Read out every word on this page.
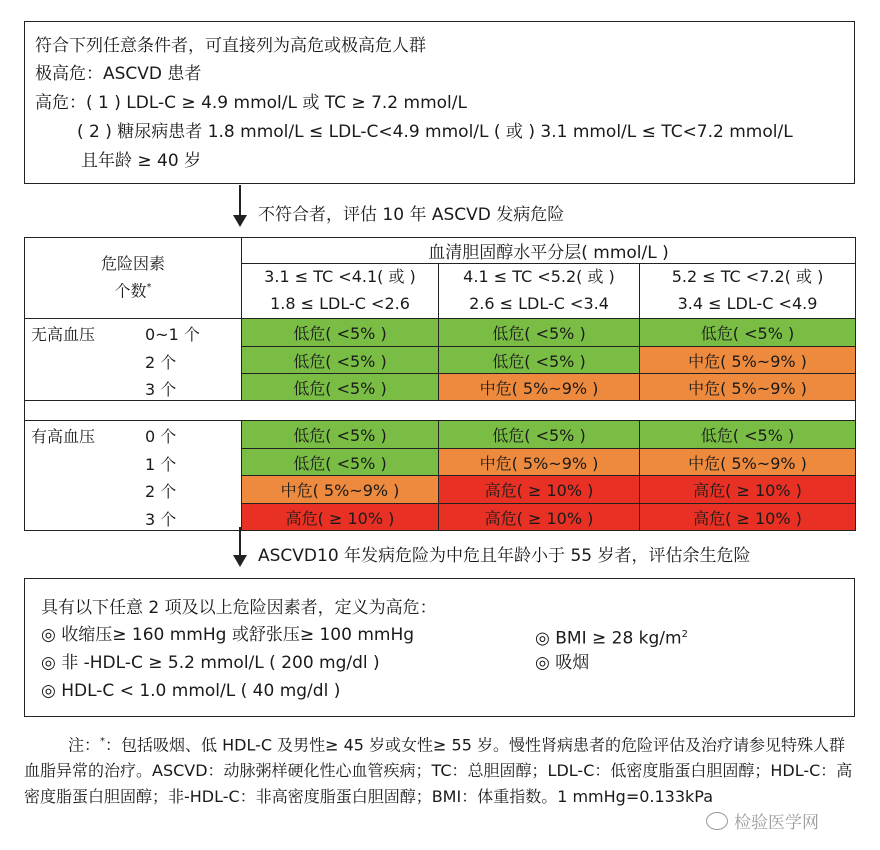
符合下列任意条件者，可直接列为高危或极高危人群
极高危：ASCVD 患者
高危：( 1 ) LDL-C ≥ 4.9 mmol/L 或 TC ≥ 7.2 mmol/L
( 2 ) 糖尿病患者 1.8 mmol/L ≤ LDL-C<4.9 mmol/L ( 或 ) 3.1 mmol/L ≤ TC<7.2 mmol/L
且年龄 ≥ 40 岁
不符合者，评估 10 年 ASCVD 发病危险
危险因素
个数*	血清胆固醇水平分层( mmol/L )		
	3.1 ≤ TC <4.1( 或 )	4.1 ≤ TC <5.2( 或 )	5.2 ≤ TC <7.2( 或 )
	1.8 ≤ LDL-C <2.6	2.6 ≤ LDL-C <3.4	3.4 ≤ LDL-C <4.9

无高血压 0~1 个	低危( <5% )	低危( <5% )	低危( <5% )

2 个	低危( <5% )	低危( <5% )	中危( 5%~9% )

3 个	低危( <5% )	中危( 5%~9% )	中危( 5%~9% )

有高血压 0 个	低危( <5% )	低危( <5% )	低危( <5% )

1 个	低危( <5% )	中危( 5%~9% )	中危( 5%~9% )

2 个	中危( 5%~9% )	高危( ≥ 10% )	高危( ≥ 10% )

3 个	高危( ≥ 10% )	高危( ≥ 10% )	高危( ≥ 10% )
ASCVD10 年发病危险为中危且年龄小于 55 岁者，评估余生危险
具有以下任意 2 项及以上危险因素者，定义为高危：
◎ 收缩压≥ 160 mmHg 或舒张压≥ 100 mmHg
◎ 非 -HDL-C ≥ 5.2 mmol/L ( 200 mg/dl )
◎ HDL-C < 1.0 mmol/L ( 40 mg/dl )
◎ BMI ≥ 28 $kg/m^2$
◎ 吸烟
注：*：包括吸烟、低 HDL-C 及男性≥ 45 岁或女性≥ 55 岁。慢性肾病患者的危险评估及治疗请参见特殊人群血脂异常的治疗。ASCVD：动脉粥样硬化性心血管疾病；TC：总胆固醇；LDL-C：低密度脂蛋白胆固醇；HDL-C：高密度脂蛋白胆固醇；非-HDL-C：非高密度脂蛋白胆固醇；BMI：体重指数。1 mmHg=0.133kPa
检验医学网
